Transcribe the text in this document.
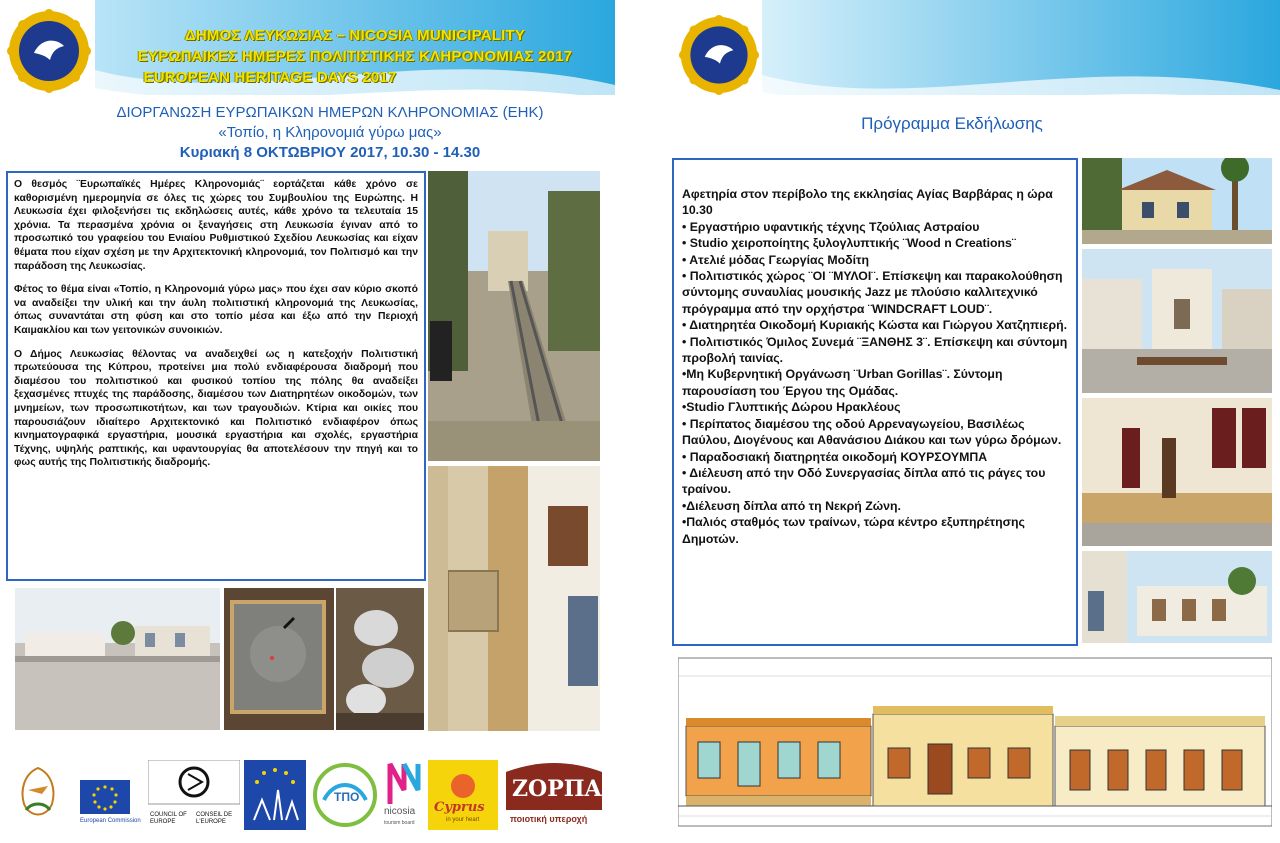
ΔΗΜΟΣ ΛΕΥΚΩΣΙΑΣ – NICOSIA MUNICIPALITY
ΕΥΡΩΠΑΙΚΕΣ ΗΜΕΡΕΣ ΠΟΛΙΤΙΣΤΙΚΗΣ ΚΛΗΡΟΝΟΜΙΑΣ 2017
EUROPEAN HERITAGE DAYS 2017
ΔΙΟΡΓΑΝΩΣΗ ΕΥΡΩΠΑΙΚΩΝ ΗΜΕΡΩΝ ΚΛΗΡΟΝΟΜΙΑΣ (ΕΗΚ)
«Τοπίο, η Κληρονομιά γύρω μας»
Κυριακή 8 ΟΚΤΩΒΡΙΟΥ 2017, 10.30 - 14.30

Ο θεσμός ¨Ευρωπαϊκές Ημέρες Κληρονομιάς¨ εορτάζεται κάθε χρόνο σε καθορισμένη ημερομηνία σε όλες τις χώρες του Συμβουλίου της Ευρώπης. Η Λευκωσία έχει φιλοξενήσει τις εκδηλώσεις αυτές, κάθε χρόνο τα τελευταία 15 χρόνια. Τα περασμένα χρόνια οι ξεναγήσεις στη Λευκωσία έγιναν από το προσωπικό του γραφείου του Ενιαίου Ρυθμιστικού Σχεδίου Λευκωσίας και είχαν θέματα που είχαν σχέση με την Αρχιτεκτονική κληρονομιά, τον Πολιτισμό και την παράδοση της Λευκωσίας.

Φέτος το θέμα είναι «Τοπίο, η Κληρονομιά γύρω μας» που έχει σαν κύριο σκοπό να αναδείξει την υλική και την άυλη πολιτιστική κληρονομιά της Λευκωσίας, όπως συναντάται στη φύση και στο τοπίο μέσα και έξω από την Περιοχή Καιμακλίου και των γειτονικών συνοικιών.

Ο Δήμος Λευκωσίας θέλοντας να αναδειχθεί ως η κατεξοχήν Πολιτιστική πρωτεύουσα της Κύπρου, προτείνει μια πολύ ενδιαφέρουσα διαδρομή που διαμέσου του πολιτιστικού και φυσικού τοπίου της πόλης θα αναδείξει ξεχασμένες πτυχές της παράδοσης, διαμέσου των Διατηρητέων οικοδομών, των μνημείων, των προσωπικοτήτων, και των τραγουδιών. Κτίρια και οικίες που παρουσιάζουν ιδιαίτερο Αρχιτεκτονικό και Πολιτιστικό ενδιαφέρον όπως κινηματογραφικά εργαστήρια, μουσικά εργαστήρια και σχολές, εργαστήρια Τέχνης, υψηλής ραπτικής, και υφαντουργίας θα αποτελέσουν την πηγή και το φως αυτής της Πολιτιστικής διαδρομής.

European Commission
COUNCIL OF EUROPE
CONSEIL DE L'EUROPE
ΤΠΟ
nicosia
tourism board
Cyprus
in your heart
ΖΟΡΠΑΣ
ποιοτική υπεροχή
Πρόγραμμα Εκδήλωσης
Αφετηρία στον περίβολο της εκκλησίας Αγίας Βαρβάρας η ώρα 10.30
• Εργαστήριο υφαντικής τέχνης Τζούλιας Αστραίου
• Studio χειροποίητης ξυλογλυπτικής ¨Wood n Creations¨
• Ατελιέ μόδας Γεωργίας Μοδίτη
• Πολιτιστικός χώρος ¨ΟΙ ¨ΜΥΛΟΙ¨. Επίσκεψη και παρακολούθηση σύντομης συναυλίας μουσικής Jazz με πλούσιο καλλιτεχνικό πρόγραμμα από την ορχήστρα ¨WINDCRAFT LOUD¨.
• Διατηρητέα Οικοδομή Κυριακής Κώστα και Γιώργου Χατζηπιερή.
• Πολιτιστικός Όμιλος Συνεμά ¨ΞΑΝΘΗΣ 3¨. Επίσκεψη και σύντομη προβολή ταινίας.
•Μη Κυβερνητική Οργάνωση ¨Urban Gorillas¨. Σύντομη παρουσίαση του Έργου της Ομάδας.
•Studio Γλυπτικής Δώρου Ηρακλέους
• Περίπατος διαμέσου της οδού Αρρεναγωγείου, Βασιλέως Παύλου, Διογένους και Αθανάσιου Διάκου και των γύρω δρόμων.
• Παραδοσιακή διατηρητέα οικοδομή ΚΟΥΡΣΟΥΜΠΑ
• Διέλευση από την Οδό Συνεργασίας δίπλα από τις ράγες του τραίνου.
•Διέλευση δίπλα από τη Νεκρή Ζώνη.
•Παλιός σταθμός των τραίνων, τώρα κέντρο εξυπηρέτησης Δημοτών.
